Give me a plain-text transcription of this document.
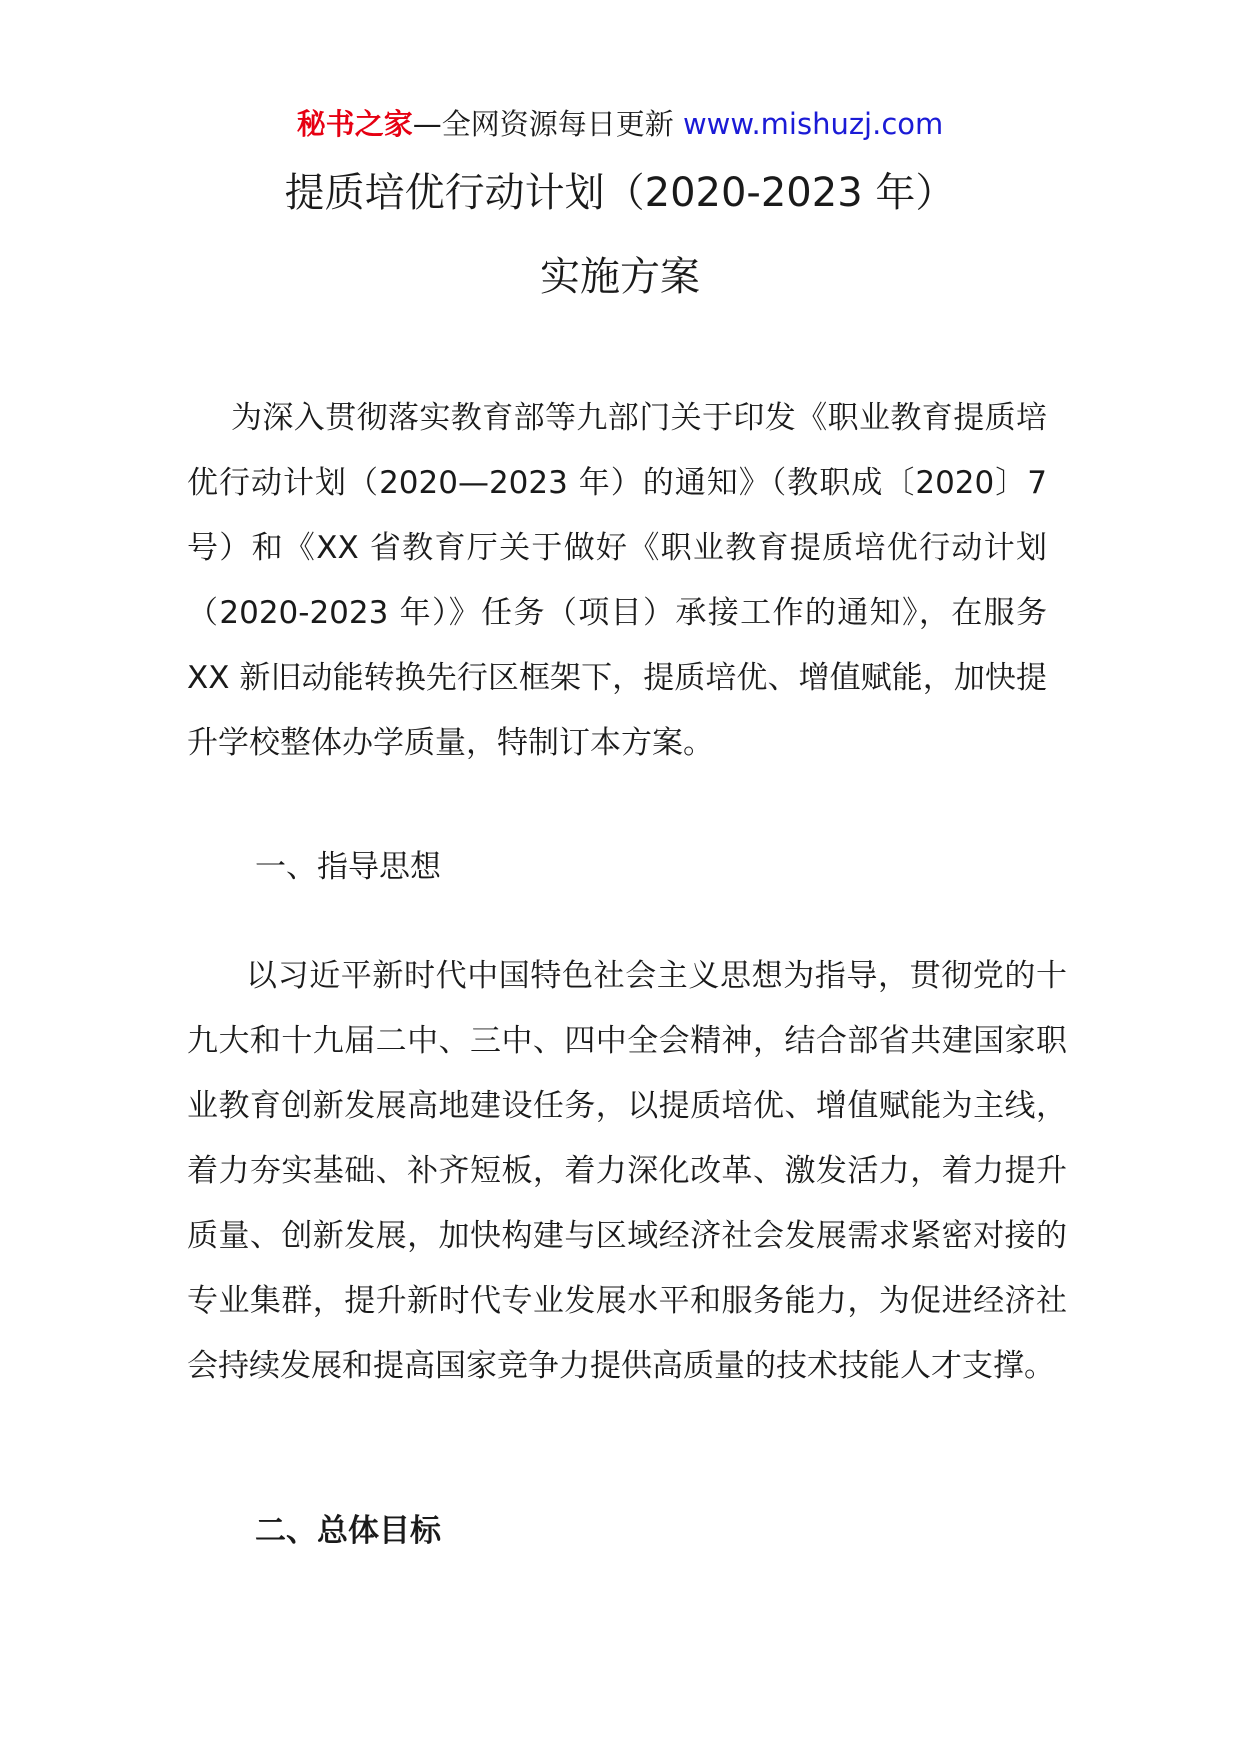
秘书之家—全网资源每日更新 www.mishuzj.com
提质培优行动计划（2020-2023 年）
实施方案

为深入贯彻落实教育部等九部门关于印发《职业教育提质培优行动计划（2020—2023 年）的通知》（教职成〔2020〕7 号）和《XX 省教育厅关于做好《职业教育提质培优行动计划（2020-2023 年）》任务（项目）承接工作的通知》，在服务 XX 新旧动能转换先行区框架下，提质培优、增值赋能，加快提升学校整体办学质量，特制订本方案。

一、指导思想

以习近平新时代中国特色社会主义思想为指导，贯彻党的十九大和十九届二中、三中、四中全会精神，结合部省共建国家职业教育创新发展高地建设任务，以提质培优、增值赋能为主线，着力夯实基础、补齐短板，着力深化改革、激发活力，着力提升质量、创新发展，加快构建与区域经济社会发展需求紧密对接的专业集群，提升新时代专业发展水平和服务能力，为促进经济社会持续发展和提高国家竞争力提供高质量的技术技能人才支撑。

二、总体目标
